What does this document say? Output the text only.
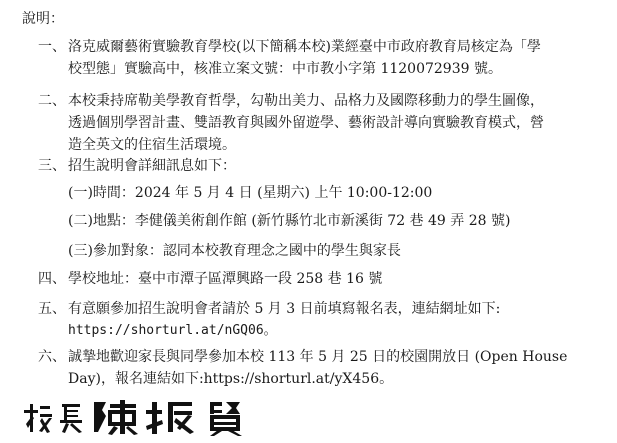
說明：
一、 洛克威爾藝術實驗教育學校(以下簡稱本校)業經臺中市政府教育局核定為「學
校型態」實驗高中，核准立案文號：中市教小字第 1120072939 號。
二、 本校秉持席勒美學教育哲學，勾勒出美力、品格力及國際移動力的學生圖像，
透過個別學習計畫、雙語教育與國外留遊學、藝術設計導向實驗教育模式，營
造全英文的住宿生活環境。
三、 招生說明會詳細訊息如下：
(一)時間：2024 年 5 月 4 日 (星期六) 上午 10:00-12:00
(二)地點：李健儀美術創作館 (新竹縣竹北市新溪街 72 巷 49 弄 28 號)
(三)參加對象：認同本校教育理念之國中的學生與家長
四、 學校地址：臺中市潭子區潭興路一段 258 巷 16 號
五、 有意願參加招生說明會者請於 5 月 3 日前填寫報名表，連結網址如下:
https://shorturl.at/nGQ06。
六、 誠摯地歡迎家長與同學參加本校 113 年 5 月 25 日的校園開放日 (Open House
Day)，報名連結如下:https://shorturl.at/yX456。
